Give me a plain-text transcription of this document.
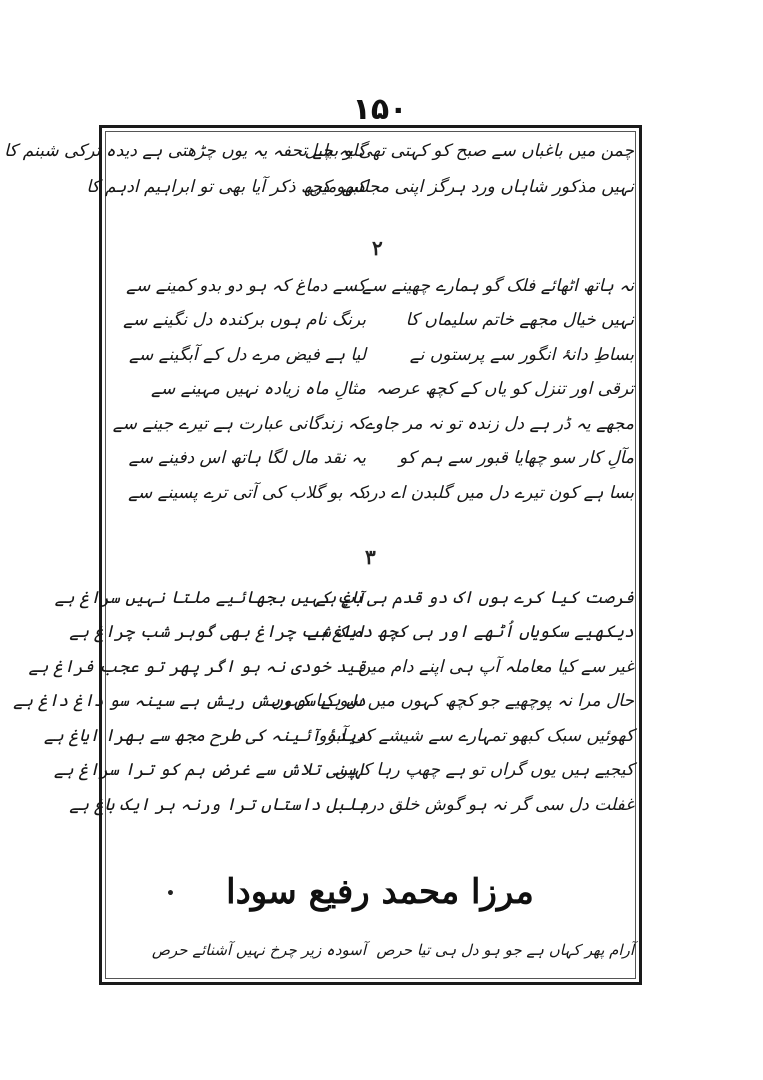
۱۵۰
چمن میں باغباں سے صبح کو کہتی تھی یہ بلبل
گلو بچے تحفہ یہ یوں چڑھتی ہے دیدہ ترکی شبنم کا
نہیں مذکور شاہاں ورد ہرگز اپنی مجلس میں
کبھو کچھ ذکر آیا بھی تو ابراہیم ادہم کا
۲
نہ ہاتھ اٹھائے فلک گو ہمارے چھینے سے
کسے دماغ کہ ہو دو بدو کمینے سے
نہیں خیال مجھے خاتم سلیماں کا
برنگ نام ہوں برکندہ دل نگینے سے
بساطِ دانۂ انگور سے پرستوں نے
لیا ہے فیض مرے دل کے آبگینے سے
ترقی اور تنزل کو یاں کے کچھ عرصہ
مثالِ ماہ زیادہ نہیں مہینے سے
مجھے یہ ڈر ہے دل زندہ تو نہ مر جاوے
کہ زندگانی عبارت ہے تیرے جینے سے
مآلِ کار سو چھایا قبور سے ہم کو
یہ نقد مال لگا ہاتھ اس دفینے سے
بسا ہے کون تیرے دل میں گلبدن اے درد
کہ بو گلاب کی آتی ترے پسینے سے
۳
فرصت کیا کرے ہوں اک دو قدم ہی باغ ہے
آپ کہیں بجھائیے ملتا نہیں سراغ ہے
دیکھیے سکویاں اُٹھے اور ہی کچھ دماغ ہے
ایک شب چراغ بھی گوہر شب چراغ ہے
غیر سے کیا معاملہ آپ ہی اپنے دام میں
قید خودی نہ ہو اگر پھر تو عجب فراغ ہے
حال مرا نہ پوچھیے جو کچھ کہوں میں سو کیا کہوں
دل ہے سو ریش ریش ہے سینہ سو داغ داغ ہے
کھوئیں سبک کبھو تمہارے سے شیشے کی آبرو
دیدۂ آئینہ کی طرح مجھ سے بھرا ایاغ ہے
کیجیے ہیں یوں گراں تو ہے چھپ رہا کہیں
اپنی تلاش سے غرض ہم کو ترا سراغ ہے
غفلت دل سی گر نہ ہو گوش خلق درد
بلبل داستاں ترا ورنہ ہر ایک باغ ہے
•	مرزا محمد رفیع سودا
آرام پھر کہاں ہے جو ہو دل ہی تیا حرص
آسودہ زیر چرخ نہیں آشنائے حرص
